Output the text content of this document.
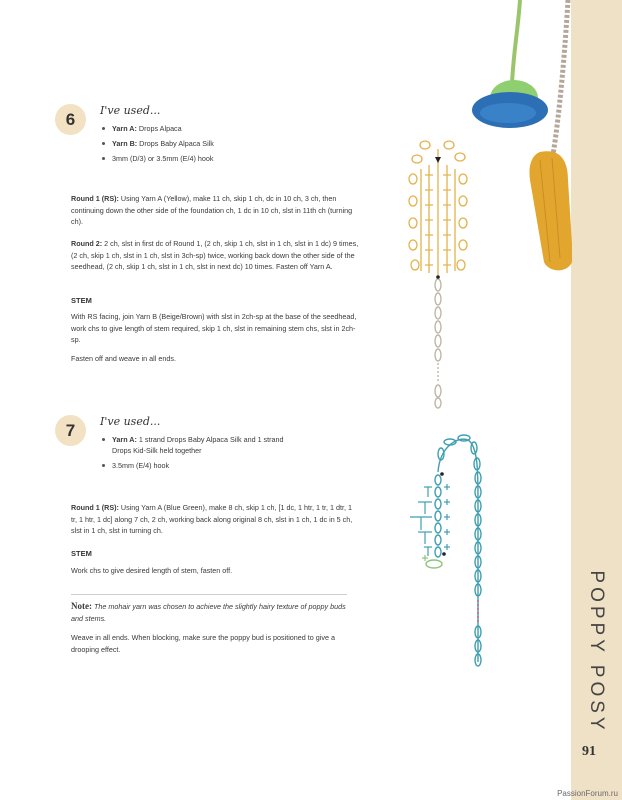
POPPY POSY
91
PassionForum.ru
6	I've used...
Yarn A: Drops Alpaca
Yarn B: Drops Baby Alpaca Silk
3mm (D/3) or 3.5mm (E/4) hook

Round 1 (RS): Using Yarn A (Yellow), make 11 ch, skip 1 ch, dc in 10 ch, 3 ch, then continuing down the other side of the foundation ch, 1 dc in 10 ch, slst in 11th ch (turning ch).

Round 2: 2 ch, slst in first dc of Round 1, (2 ch, skip 1 ch, slst in 1 ch, slst in 1 dc) 9 times, (2 ch, skip 1 ch, slst in 1 ch, slst in 3ch-sp) twice, working back down the other side of the seedhead, (2 ch, skip 1 ch, slst in 1 ch, slst in next dc) 10 times. Fasten off Yarn A.

STEM

With RS facing, join Yarn B (Beige/Brown) with slst in 2ch-sp at the base of the seedhead, work chs to give length of stem required, skip 1 ch, slst in remaining stem chs, slst in 2ch-sp.

Fasten off and weave in all ends.

7	I've used...
Yarn A: 1 strand Drops Baby Alpaca Silk and 1 strand Drops Kid-Silk held together
3.5mm (E/4) hook

Round 1 (RS): Using Yarn A (Blue Green), make 8 ch, skip 1 ch, [1 dc, 1 htr, 1 tr, 1 dtr, 1 tr, 1 htr, 1 dc] along 7 ch, 2 ch, working back along original 8 ch, slst in 1 ch, 1 dc in 5 ch, slst in 1 ch, slst in turning ch.

STEM

Work chs to give desired length of stem, fasten off.

Note: The mohair yarn was chosen to achieve the slightly hairy texture of poppy buds and stems.

Weave in all ends. When blocking, make sure the poppy bud is positioned to give a drooping effect.
